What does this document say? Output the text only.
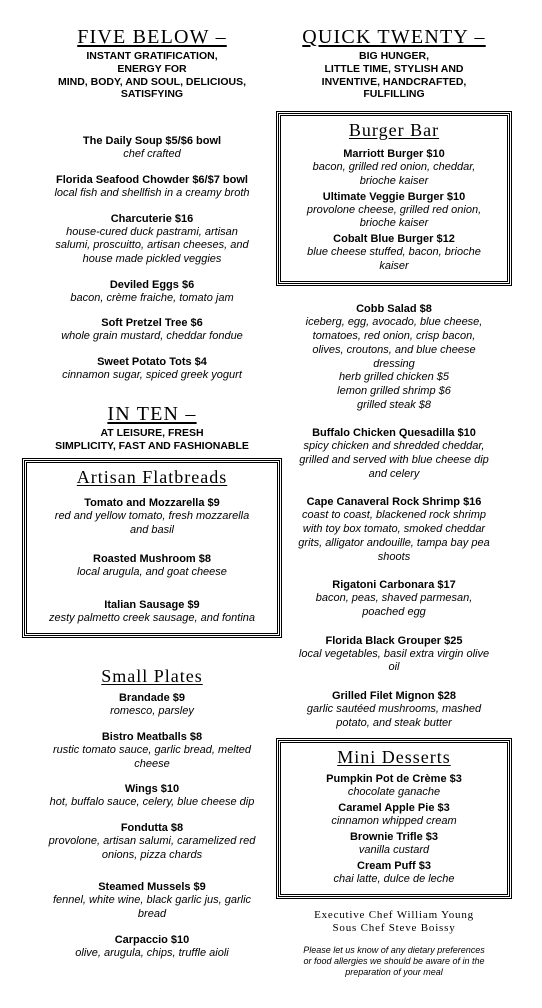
FIVE BELOW –
INSTANT GRATIFICATION,
ENERGY FOR
MIND, BODY, AND SOUL, DELICIOUS,
SATISFYING
The Daily Soup $5/$6 bowl
chef crafted
Florida Seafood Chowder $6/$7 bowl
local fish and shellfish in a creamy broth
Charcuterie $16
house-cured duck pastrami, artisan
salumi, proscuitto, artisan cheeses, and
house made pickled veggies
Deviled Eggs $6
bacon, crème fraiche, tomato jam
Soft Pretzel Tree $6
whole grain mustard, cheddar fondue
Sweet Potato Tots $4
cinnamon sugar, spiced greek yogurt
IN TEN –
AT LEISURE, FRESH
SIMPLICITY, FAST AND FASHIONABLE
Artisan Flatbreads
Tomato and Mozzarella $9
red and yellow tomato, fresh mozzarella
and basil
Roasted Mushroom $8
local arugula, and goat cheese
Italian Sausage $9
zesty palmetto creek sausage, and fontina
Small Plates
Brandade $9
romesco, parsley
Bistro Meatballs $8
rustic tomato sauce, garlic bread, melted
cheese
Wings $10
hot, buffalo sauce, celery, blue cheese dip
Fondutta $8
provolone, artisan salumi, caramelized red
onions, pizza chards
Steamed Mussels $9
fennel, white wine, black garlic jus, garlic
bread
Carpaccio $10
olive, arugula, chips, truffle aioli
QUICK TWENTY –
BIG HUNGER,
LITTLE TIME, STYLISH AND
INVENTIVE, HANDCRAFTED,
FULFILLING
Burger Bar
Marriott Burger $10
bacon, grilled red onion, cheddar,
brioche kaiser
Ultimate Veggie Burger $10
provolone cheese, grilled red onion,
brioche kaiser
Cobalt Blue Burger $12
blue cheese stuffed, bacon, brioche
kaiser
Cobb Salad $8
iceberg, egg, avocado, blue cheese,
tomatoes, red onion, crisp bacon,
olives, croutons, and blue cheese
dressing
herb grilled chicken $5
lemon grilled shrimp $6
grilled steak $8
Buffalo Chicken Quesadilla $10
spicy chicken and shredded cheddar,
grilled and served with blue cheese dip
and celery
Cape Canaveral Rock Shrimp $16
coast to coast, blackened rock shrimp
with toy box tomato, smoked cheddar
grits, alligator andouille, tampa bay pea
shoots
Rigatoni Carbonara $17
bacon, peas, shaved parmesan,
poached egg
Florida Black Grouper $25
local vegetables, basil extra virgin olive
oil
Grilled Filet Mignon $28
garlic sautéed mushrooms, mashed
potato, and steak butter
Mini Desserts
Pumpkin Pot de Crème $3
chocolate ganache
Caramel Apple Pie $3
cinnamon whipped cream
Brownie Trifle $3
vanilla custard
Cream Puff $3
chai latte, dulce de leche
Executive Chef William Young
Sous Chef Steve Boissy
Please let us know of any dietary preferences
or food allergies we should be aware of in the
preparation of your meal
